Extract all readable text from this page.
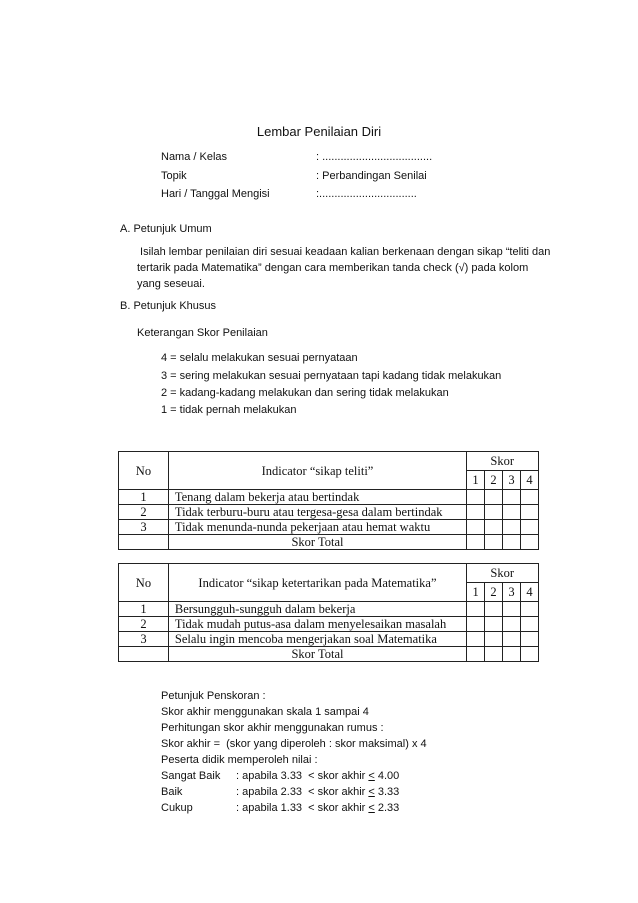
Lembar Penilaian Diri
Nama / Kelas	: ....................................
Topik	: Perbandingan Senilai
Hari / Tanggal Mengisi	:................................
A. Petunjuk Umum
Isilah lembar penilaian diri sesuai keadaan kalian berkenaan dengan sikap “teliti dan
tertarik pada Matematika” dengan cara memberikan tanda check (√) pada kolom
yang seseuai.
B. Petunjuk Khusus
Keterangan Skor Penilaian
4 = selalu melakukan sesuai pernyataan
3 = sering melakukan sesuai pernyataan tapi kadang tidak melakukan
2 = kadang-kadang melakukan dan sering tidak melakukan
1 = tidak pernah melakukan
No	Indicator “sikap teliti”	Skor			
		1	2	3	4
1	Tenang dalam bekerja atau bertindak				
2	Tidak terburu-buru atau tergesa-gesa dalam bertindak				
3	Tidak menunda-nunda pekerjaan atau hemat waktu				
	Skor Total				
No	Indicator “sikap ketertarikan pada Matematika”	Skor			
		1	2	3	4
1	Bersungguh-sungguh dalam bekerja				
2	Tidak mudah putus-asa dalam menyelesaikan masalah				
3	Selalu ingin mencoba mengerjakan soal Matematika				
	Skor Total				
Petunjuk Penskoran :
Skor akhir menggunakan skala 1 sampai 4
Perhitungan skor akhir menggunakan rumus :
Skor akhir =  (skor yang diperoleh : skor maksimal) x 4
Peserta didik memperoleh nilai :
Sangat Baik : apabila 3.33  < skor akhir ≤ 4.00
Baik	: apabila 2.33  < skor akhir ≤ 3.33
Cukup	: apabila 1.33  < skor akhir ≤ 2.33
